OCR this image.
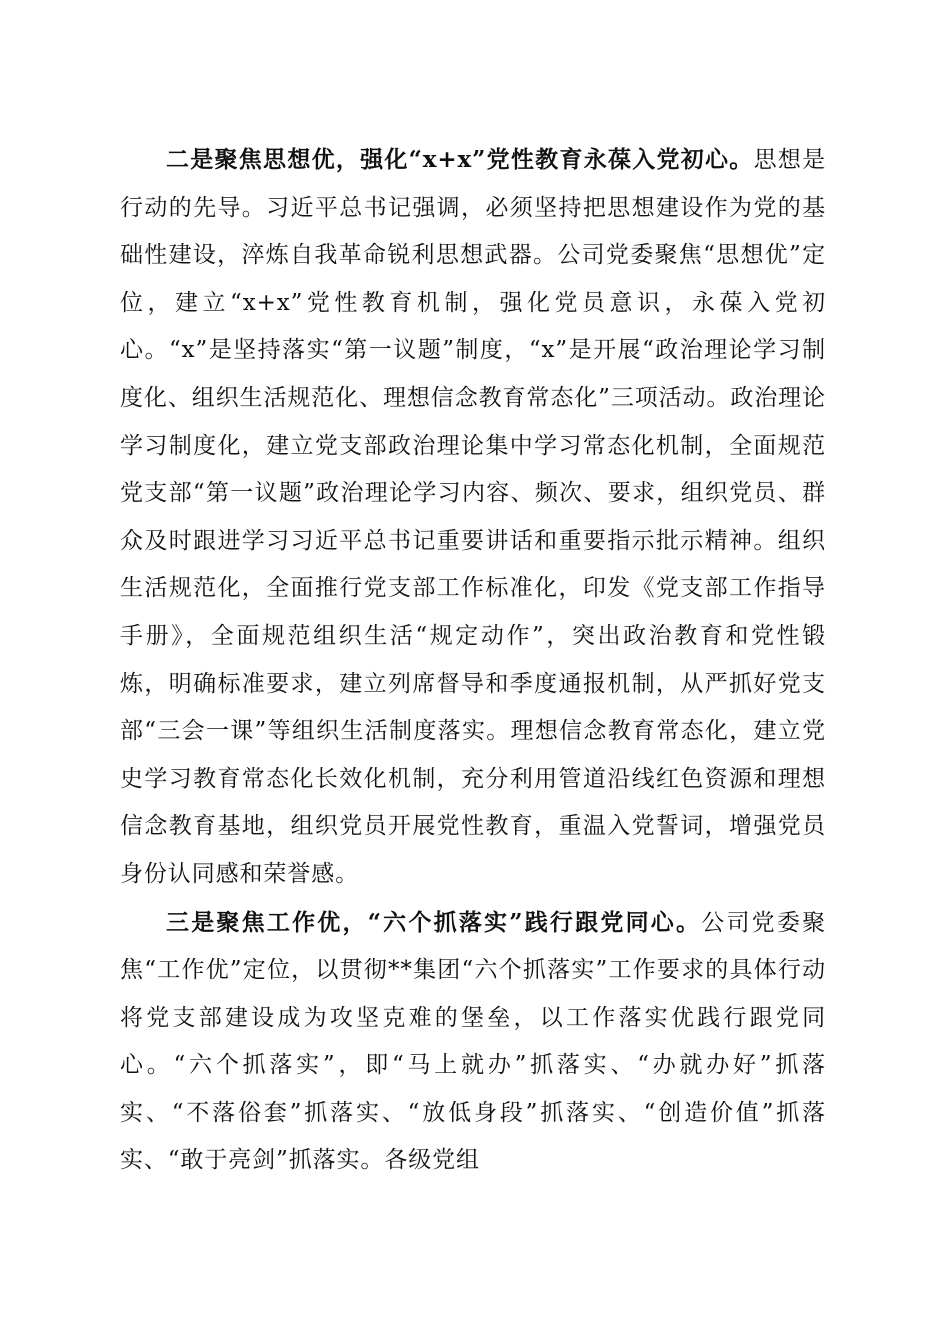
二是聚焦思想优，强化“x+x”党性教育永葆入党初心。思想是行动的先导。习近平总书记强调，必须坚持把思想建设作为党的基础性建设，淬炼自我革命锐利思想武器。公司党委聚焦“思想优”定位，建立“x+x”党性教育机制，强化党员意识，永葆入党初心。“x”是坚持落实“第一议题”制度，“x”是开展“政治理论学习制度化、组织生活规范化、理想信念教育常态化”三项活动。政治理论学习制度化，建立党支部政治理论集中学习常态化机制，全面规范党支部“第一议题”政治理论学习内容、频次、要求，组织党员、群众及时跟进学习习近平总书记重要讲话和重要指示批示精神。组织生活规范化，全面推行党支部工作标准化，印发《党支部工作指导手册》，全面规范组织生活“规定动作”，突出政治教育和党性锻炼，明确标准要求，建立列席督导和季度通报机制，从严抓好党支部“三会一课”等组织生活制度落实。理想信念教育常态化，建立党史学习教育常态化长效化机制，充分利用管道沿线红色资源和理想信念教育基地，组织党员开展党性教育，重温入党誓词，增强党员身份认同感和荣誉感。

三是聚焦工作优，“六个抓落实”践行跟党同心。公司党委聚焦“工作优”定位，以贯彻**集团“六个抓落实”工作要求的具体行动将党支部建设成为攻坚克难的堡垒，以工作落实优践行跟党同心。“六个抓落实”，即“马上就办”抓落实、“办就办好”抓落实、“不落俗套”抓落实、“放低身段”抓落实、“创造价值”抓落实、“敢于亮剑”抓落实。各级党组
